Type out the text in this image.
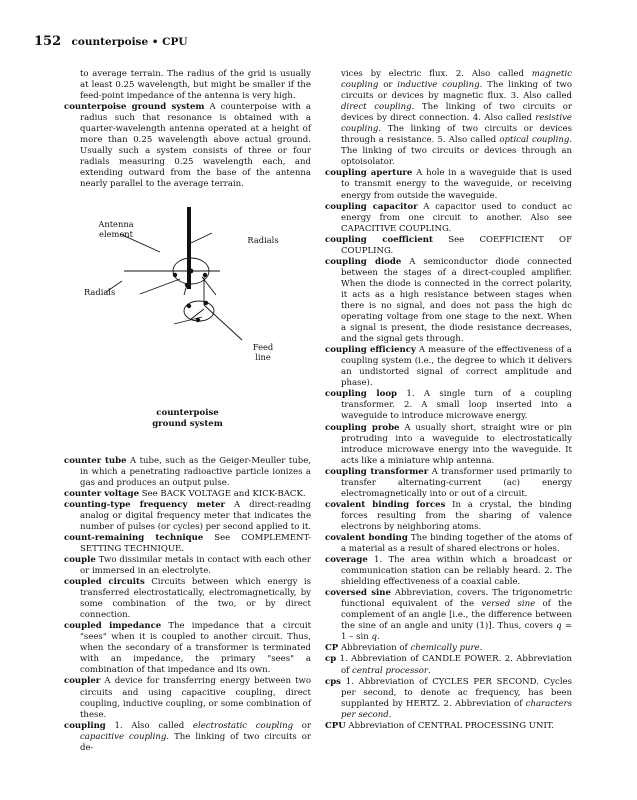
152 counterpoise • CPU

to average terrain. The radius of the grid is usually at least 0.25 wavelength, but might be smaller if the feed-point impedance of the antenna is very high.

counterpoise ground system A counterpoise with a radius such that resonance is obtained with a quarter-wavelength antenna operated at a height of more than 0.25 wavelength above actual ground. Usually such a system consists of three or four radials measuring 0.25 wavelength each, and extending outward from the base of the antenna nearly parallel to the average terrain.

Antenna
element
Radials
Radials
Feed
line
counterpoise
ground system

counter tube A tube, such as the Geiger-Meuller tube, in which a penetrating radioactive particle ionizes a gas and produces an output pulse.

counter voltage See BACK VOLTAGE and KICK-BACK.

counting-type frequency meter A direct-reading analog or digital frequency meter that indicates the number of pulses (or cycles) per second applied to it.

count-remaining technique See COMPLEMENT-SETTING TECHNIQUE.

couple Two dissimilar metals in contact with each other or immersed in an electrolyte.

coupled circuits Circuits between which energy is transferred electrostatically, electromagnetically, by some combination of the two, or by direct connection.

coupled impedance The impedance that a circuit "sees" when it is coupled to another circuit. Thus, when the secondary of a transformer is terminated with an impedance, the primary "sees" a combination of that impedance and its own.

coupler A device for transferring energy between two circuits and using capacitive coupling, direct coupling, inductive coupling, or some combination of these.

coupling 1. Also called electrostatic coupling or capacitive coupling. The linking of two circuits or de-

vices by electric flux. 2. Also called magnetic coupling or inductive coupling. The linking of two circuits or devices by magnetic flux. 3. Also called direct coupling. The linking of two circuits or devices by direct connection. 4. Also called resistive coupling. The linking of two circuits or devices through a resistance. 5. Also called optical coupling. The linking of two circuits or devices through an optoisolator.

coupling aperture A hole in a waveguide that is used to transmit energy to the waveguide, or receiving energy from outside the waveguide.

coupling capacitor A capacitor used to conduct ac energy from one circuit to another. Also see CAPACITIVE COUPLING.

coupling coefficient See COEFFICIENT OF COUPLING.

coupling diode A semiconductor diode connected between the stages of a direct-coupled amplifier. When the diode is connected in the correct polarity, it acts as a high resistance between stages when there is no signal, and does not pass the high dc operating voltage from one stage to the next. When a signal is present, the diode resistance decreases, and the signal gets through.

coupling efficiency A measure of the effectiveness of a coupling system (i.e., the degree to which it delivers an undistorted signal of correct amplitude and phase).

coupling loop 1. A single turn of a coupling transformer. 2. A small loop inserted into a waveguide to introduce microwave energy.

coupling probe A usually short, straight wire or pin protruding into a waveguide to electrostatically introduce microwave energy into the waveguide. It acts like a miniature whip antenna.

coupling transformer A transformer used primarily to transfer alternating-current (ac) energy electromagnetically into or out of a circuit.

covalent binding forces In a crystal, the binding forces resulting from the sharing of valence electrons by neighboring atoms.

covalent bonding The binding together of the atoms of a material as a result of shared electrons or holes.

coverage 1. The area within which a broadcast or communication station can be reliably heard. 2. The shielding effectiveness of a coaxial cable.

coversed sine Abbreviation, covers. The trigonometric functional equivalent of the versed sine of the complement of an angle [i.e., the difference between the sine of an angle and unity (1)]. Thus, covers q = 1 – sin q.

CP Abbreviation of chemically pure.

cp 1. Abbreviation of CANDLE POWER. 2. Abbreviation of central processor.

cps 1. Abbreviation of CYCLES PER SECOND. Cycles per second, to denote ac frequency, has been supplanted by HERTZ. 2. Abbreviation of characters per second.

CPU Abbreviation of CENTRAL PROCESSING UNIT.
